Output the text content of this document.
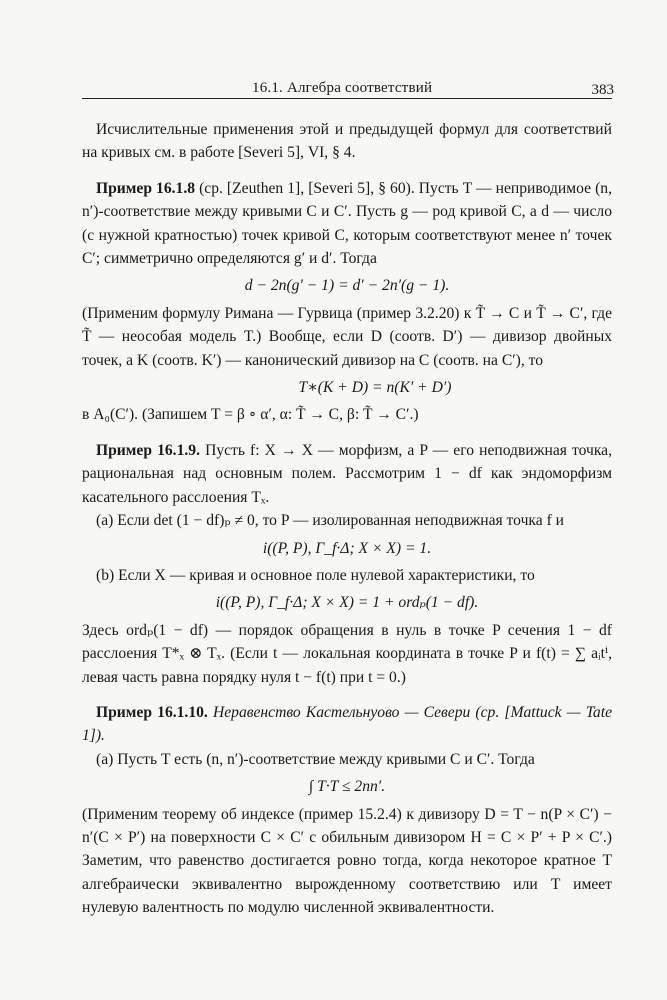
16.1. Алгебра соответствий	383

Исчислительные применения этой и предыдущей формул для соответствий на кривых см. в работе [Severi 5], VI, § 4.

Пример 16.1.8 (ср. [Zeuthen 1], [Severi 5], § 60). Пусть T — неприводимое (n, n′)-соответствие между кривыми C и C′. Пусть g — род кривой C, а d — число (с нужной кратностью) точек кривой C, которым соответствуют менее n′ точек C′; симметрично определяются g′ и d′. Тогда

d − 2n(g′ − 1) = d′ − 2n′(g − 1).

(Применим формулу Римана — Гурвица (пример 3.2.20) к T̃ → C и T̃ → C′, где T̃ — неособая модель T.) Вообще, если D (соотв. D′) — дивизор двойных точек, а K (соотв. K′) — канонический дивизор на C (соотв. на C′), то

T∗(K + D) = n(K′ + D′)

в A₀(C′). (Запишем T = β ∘ α′, α: T̃ → C, β: T̃ → C′.)

Пример 16.1.9. Пусть f: X → X — морфизм, а P — его неподвижная точка, рациональная над основным полем. Рассмотрим 1 − df как эндоморфизм касательного расслоения Tₓ.

(a) Если det (1 − df)ₚ ≠ 0, то P — изолированная неподвижная точка f и

i((P, P), Γ_f·Δ; X × X) = 1.

(b) Если X — кривая и основное поле нулевой характеристики, то

i((P, P), Γ_f·Δ; X × X) = 1 + ordₚ(1 − df).

Здесь ordₚ(1 − df) — порядок обращения в нуль в точке P сечения 1 − df расслоения T*ₓ ⊗ Tₓ. (Если t — локальная координата в точке P и f(t) = ∑ aᵢtⁱ, левая часть равна порядку нуля t − f(t) при t = 0.)

Пример 16.1.10. Неравенство Кастельнуово — Севери (ср. [Mattuck — Tate 1]).

(a) Пусть T есть (n, n′)-соответствие между кривыми C и C′. Тогда

∫ T·T ≤ 2nn′.

(Применим теорему об индексе (пример 15.2.4) к дивизору D = T − n(P × C′) − n′(C × P′) на поверхности C × C′ с обильным дивизором H = C × P′ + P × C′.) Заметим, что равенство достигается ровно тогда, когда некоторое кратное T алгебраически эквивалентно вырожденному соответствию или T имеет нулевую валентность по модулю численной эквивалентности.
